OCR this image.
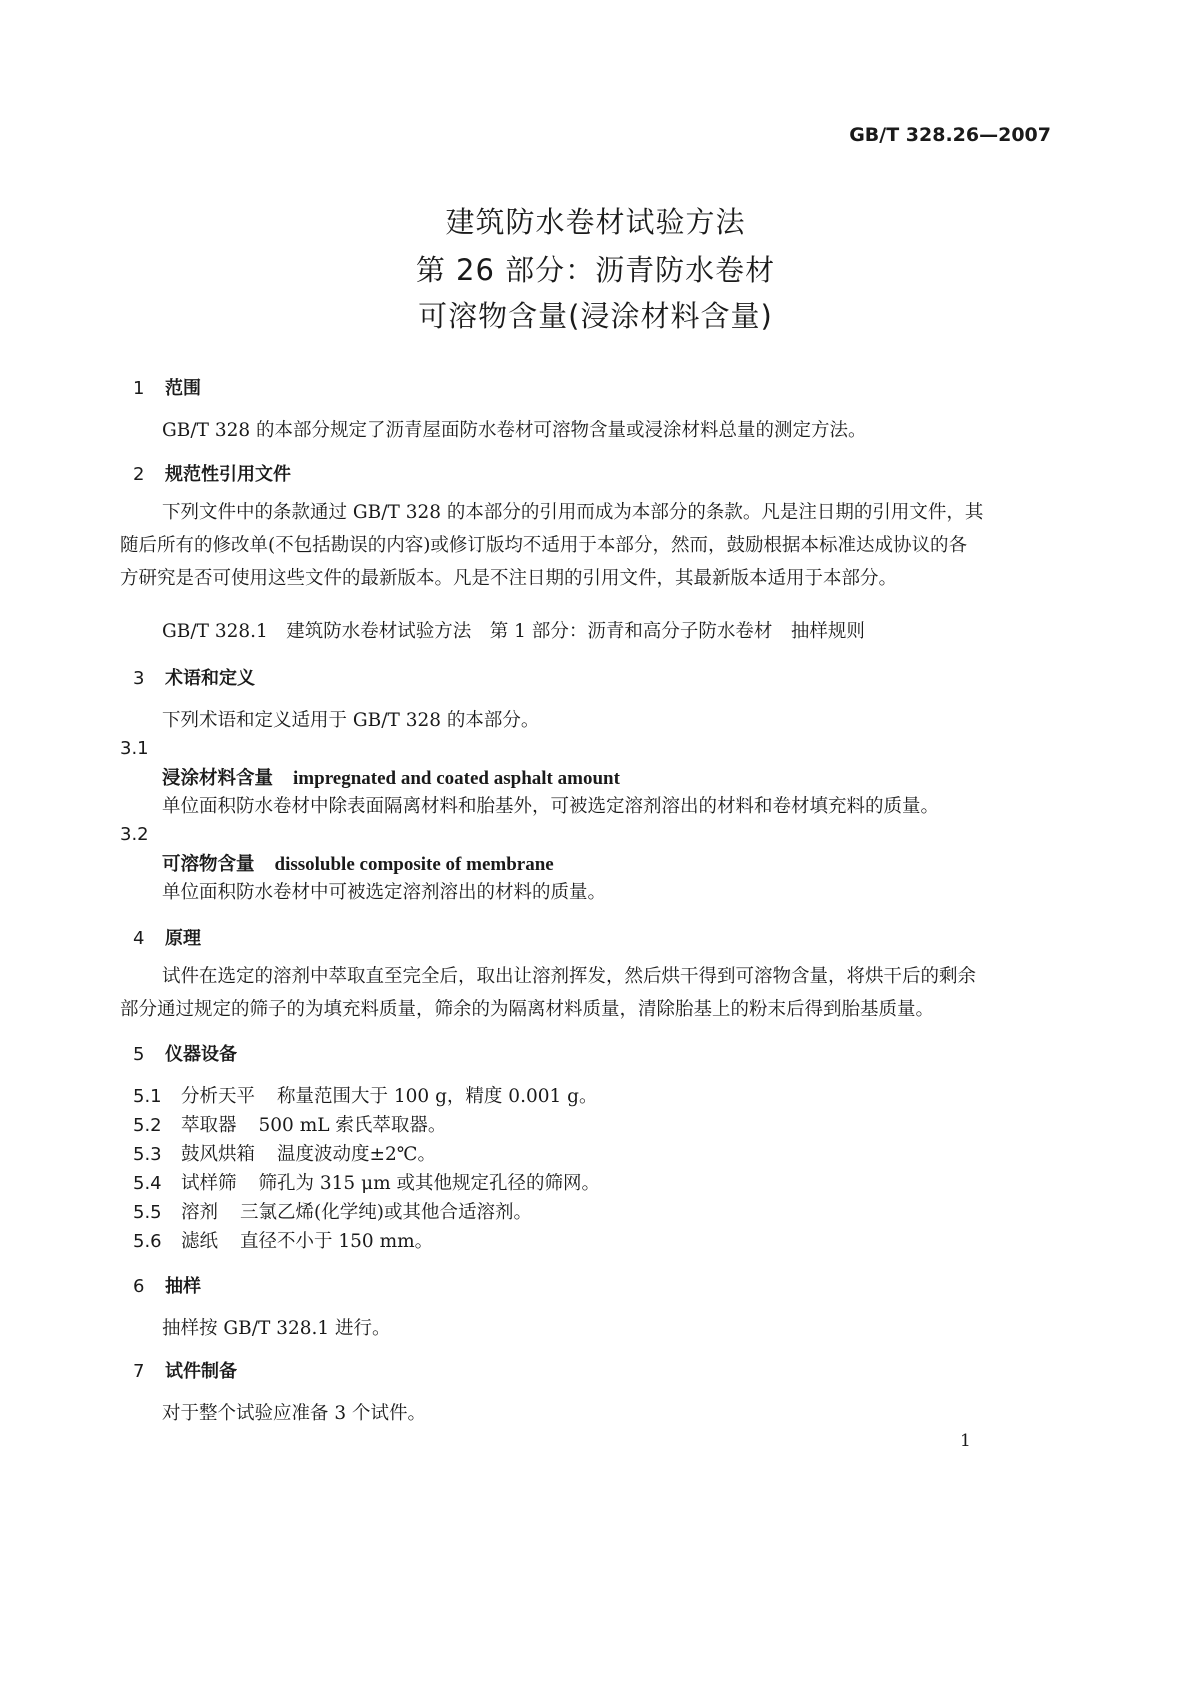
GB/T 328.26—2007
建筑防水卷材试验方法
第 26 部分：沥青防水卷材
可溶物含量(浸涂材料含量)
1 范围
GB/T 328 的本部分规定了沥青屋面防水卷材可溶物含量或浸涂材料总量的测定方法。
2 规范性引用文件
下列文件中的条款通过 GB/T 328 的本部分的引用而成为本部分的条款。凡是注日期的引用文件，其随后所有的修改单(不包括勘误的内容)或修订版均不适用于本部分，然而，鼓励根据本标准达成协议的各方研究是否可使用这些文件的最新版本。凡是不注日期的引用文件，其最新版本适用于本部分。
GB/T 328.1　建筑防水卷材试验方法　第 1 部分：沥青和高分子防水卷材　抽样规则
3 术语和定义
下列术语和定义适用于 GB/T 328 的本部分。
3.1
浸涂材料含量 impregnated and coated asphalt amount
单位面积防水卷材中除表面隔离材料和胎基外，可被选定溶剂溶出的材料和卷材填充料的质量。
3.2
可溶物含量 dissoluble composite of membrane
单位面积防水卷材中可被选定溶剂溶出的材料的质量。
4 原理
试件在选定的溶剂中萃取直至完全后，取出让溶剂挥发，然后烘干得到可溶物含量，将烘干后的剩余部分通过规定的筛子的为填充料质量，筛余的为隔离材料质量，清除胎基上的粉末后得到胎基质量。
5 仪器设备
5.1 分析天平 称量范围大于 100 g，精度 0.001 g。
5.2 萃取器 500 mL 索氏萃取器。
5.3 鼓风烘箱 温度波动度±2℃。
5.4 试样筛 筛孔为 315 μm 或其他规定孔径的筛网。
5.5 溶剂 三氯乙烯(化学纯)或其他合适溶剂。
5.6 滤纸 直径不小于 150 mm。
6 抽样
抽样按 GB/T 328.1 进行。
7 试件制备
对于整个试验应准备 3 个试件。
1
